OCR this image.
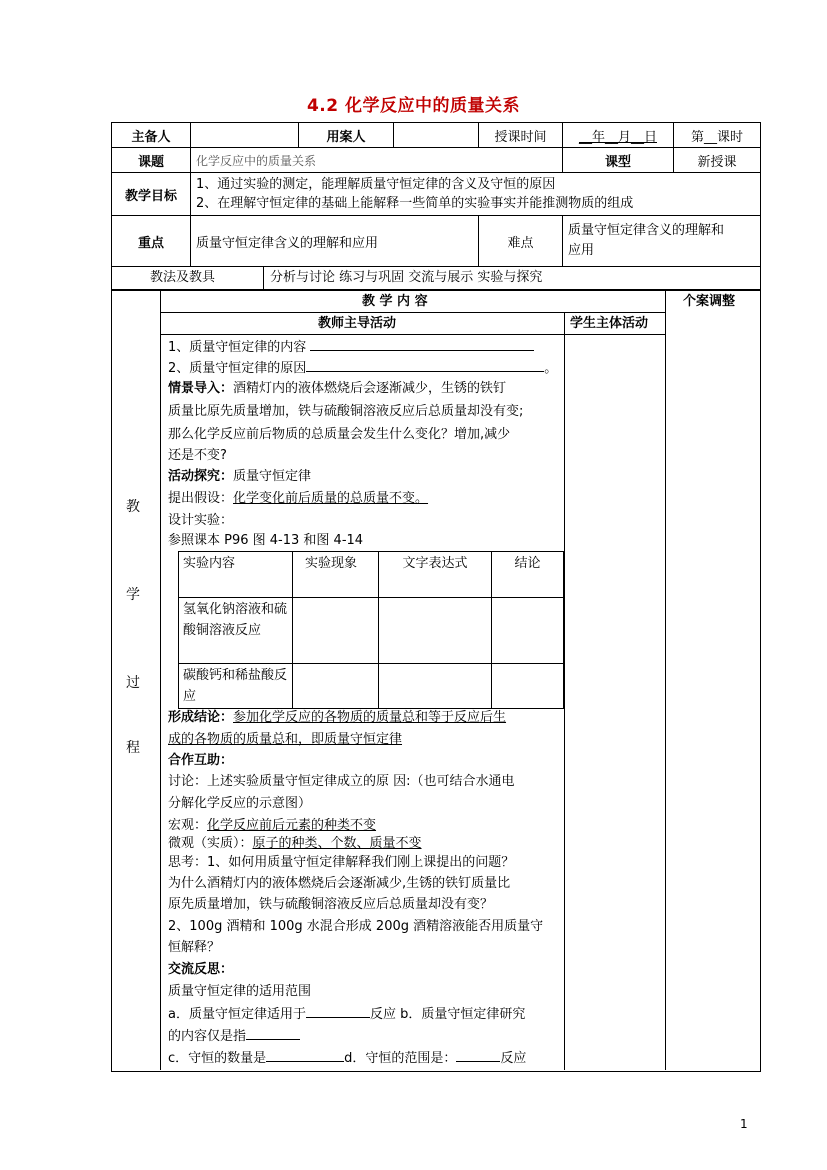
4.2 化学反应中的质量关系
主备人		用案人		授课时间	__年__月__日	第__课时
课题	化学反应中的质量关系				课型	新授课
教学目标	1、通过实验的测定，能理解质量守恒定律的含义及守恒的原因
2、在理解守恒定律的基础上能解释一些简单的实验事实并能推测物质的组成					

重点	质量守恒定律含义的理解和应用			难点	质量守恒定律含义的理解和
应用	
教法及教具	分析与讨论 练习与巩固 交流与展示 实验与探究
教 学 内 容	个案调整
教师主导活动	学生主体活动
教
学
过
程
1、质量守恒定律的内容
2、质量守恒定律的原因	。
情景导入：酒精灯内的液体燃烧后会逐渐减少，生锈的铁钉
质量比原先质量增加，铁与硫酸铜溶液反应后总质量却没有变;
那么化学反应前后物质的总质量会发生什么变化？增加,减少
还是不变?
活动探究：质量守恒定律
提出假设：化学变化前后质量的总质量不变。
设计实验：
参照课本 P96 图 4-13 和图 4-14
实验内容	实验现象	文字表达式	结论
氢氧化钠溶液和硫酸铜溶液反应			
碳酸钙和稀盐酸反应			
形成结论：参加化学反应的各物质的质量总和等于反应后生
成的各物质的质量总和，即质量守恒定律
合作互助：
讨论：上述实验质量守恒定律成立的原 因:（也可结合水通电
分解化学反应的示意图）
宏观：化学反应前后元素的种类不变
微观（实质）：原子的种类、个数、质量不变
思考：1、如何用质量守恒定律解释我们刚上课提出的问题？
为什么酒精灯内的液体燃烧后会逐渐减少,生锈的铁钉质量比
原先质量增加，铁与硫酸铜溶液反应后总质量却没有变？
2、100g 酒精和 100g 水混合形成 200g 酒精溶液能否用质量守
恒解释？
交流反思：
质量守恒定律的适用范围
a．质量守恒定律适用于	反应 b．质量守恒定律研究
的内容仅是指
c．守恒的数量是	d．守恒的范围是：	反应
1
